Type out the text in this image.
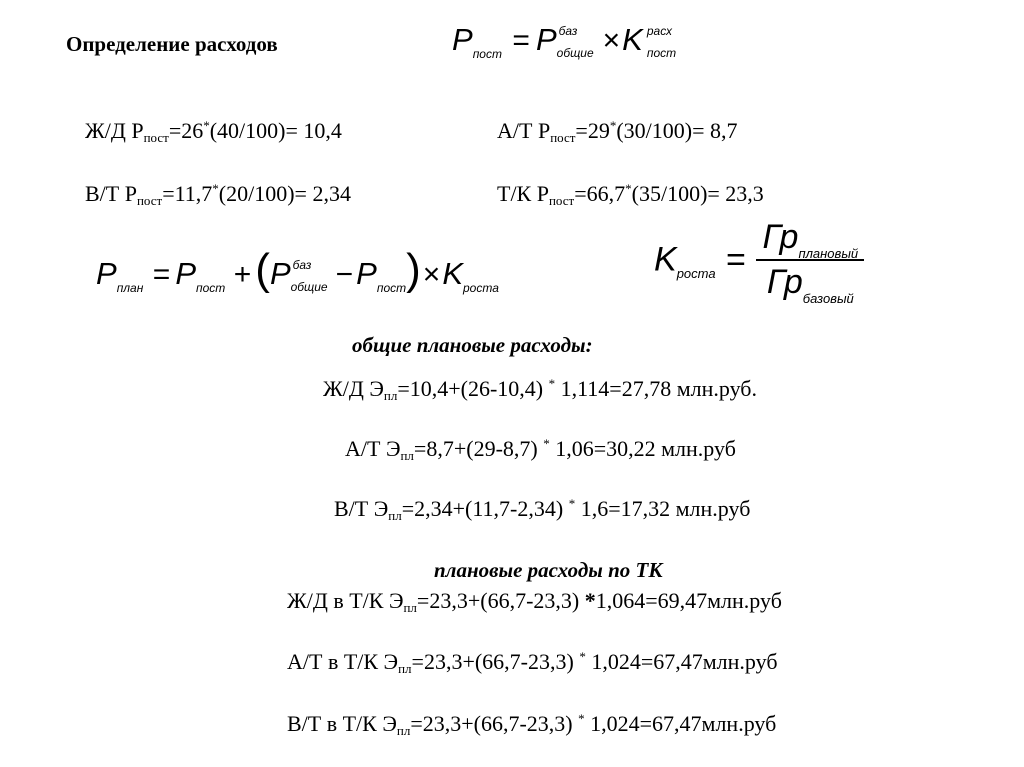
Определение расходов	$P_{пост} = P$ баз
общие ×K расх
пост
Ж/Д $Р_{пост}=26^*(40/100)= 10,4$	А/Т $Р_{пост}=29^*(30/100)= 8,7$
В/Т $Р_{пост}=11,7^*(20/100)= 2,34$	Т/К $Р_{пост}=66,7^*(35/100)= 23,3$
$P_{план} = P_{пост} +(P$ баз
общие $-P_{пост})\times K_{роста}$
$K_{роста} = \frac{Гр_{плановый}}{Гр_{базовый}}$
общие плановые расходы:
Ж/Д $Э_{пл}=10,4+(26-10,4)$ * 1,114=27,78 млн.руб.
А/Т $Э_{пл}=8,7+(29-8,7)$ * 1,06=30,22 млн.руб
В/Т $Э_{пл}=2,34+(11,7-2,34)$ * 1,6=17,32 млн.руб
плановые расходы по ТК
Ж/Д в Т/К $Э_{пл}=23,3+(66,7-23,3)$ *1,064=69,47млн.руб
А/Т в Т/К $Э_{пл}=23,3+(66,7-23,3)$ * 1,024=67,47млн.руб
В/Т в Т/К $Э_{пл}=23,3+(66,7-23,3)$ * 1,024=67,47млн.руб
